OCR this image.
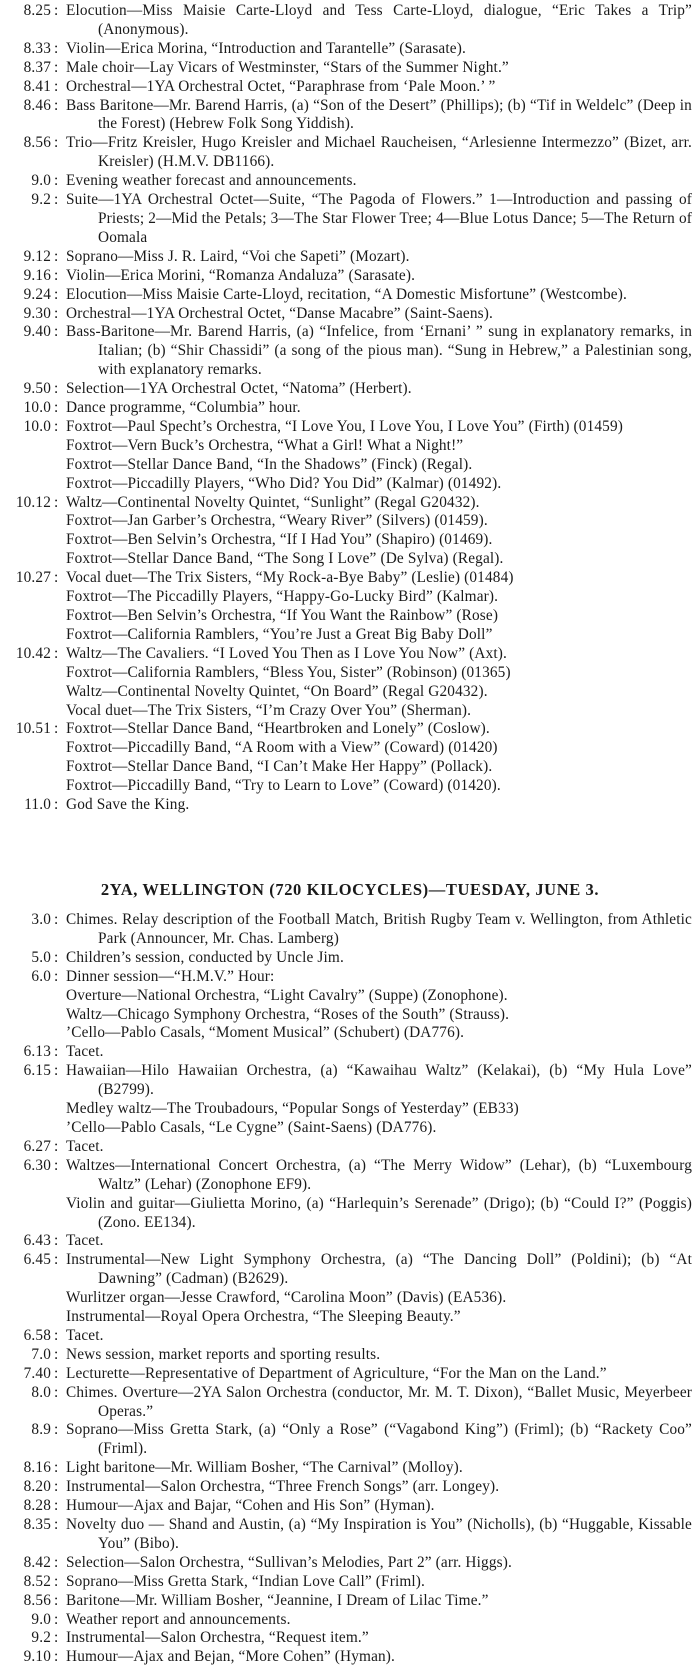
8.25 : Elocution—Miss Maisie Carte-Lloyd and Tess Carte-Lloyd, dialogue, “Eric Takes a Trip” (Anonymous).

8.33 : Violin—Erica Morina, “Introduction and Tarantelle” (Sarasate).

8.37 : Male choir—Lay Vicars of Westminster, “Stars of the Summer Night.”

8.41 : Orchestral—1YA Orchestral Octet, “Paraphrase from ‘Pale Moon.’ ”

8.46 : Bass Baritone—Mr. Barend Harris, (a) “Son of the Desert” (Phillips); (b) “Tif in Weldelc” (Deep in the Forest) (Hebrew Folk Song Yiddish).

8.56 : Trio—Fritz Kreisler, Hugo Kreisler and Michael Raucheisen, “Arlesienne Intermezzo” (Bizet, arr. Kreisler) (H.M.V. DB1166).

9.0 : Evening weather forecast and announcements.

9.2 : Suite—1YA Orchestral Octet—Suite, “The Pagoda of Flowers.” 1—Introduction and passing of Priests; 2—Mid the Petals; 3—The Star Flower Tree; 4—Blue Lotus Dance; 5—The Return of Oomala

9.12 : Soprano—Miss J. R. Laird, “Voi che Sapeti” (Mozart).

9.16 : Violin—Erica Morini, “Romanza Andaluza” (Sarasate).

9.24 : Elocution—Miss Maisie Carte-Lloyd, recitation, “A Domestic Misfortune” (Westcombe).

9.30 : Orchestral—1YA Orchestral Octet, “Danse Macabre” (Saint-Saens).

9.40 : Bass-Baritone—Mr. Barend Harris, (a) “Infelice, from ‘Ernani’ ” sung in explanatory remarks, in Italian; (b) “Shir Chassidi” (a song of the pious man). “Sung in Hebrew,” a Palestinian song, with explanatory remarks.

9.50 : Selection—1YA Orchestral Octet, “Natoma” (Herbert).

10.0 : Dance programme, “Columbia” hour.

10.0 : Foxtrot—Paul Specht’s Orchestra, “I Love You, I Love You, I Love You” (Firth) (01459)

Foxtrot—Vern Buck’s Orchestra, “What a Girl! What a Night!”

Foxtrot—Stellar Dance Band, “In the Shadows” (Finck) (Regal).

Foxtrot—Piccadilly Players, “Who Did? You Did” (Kalmar) (01492).

10.12 : Waltz—Continental Novelty Quintet, “Sunlight” (Regal G20432).

Foxtrot—Jan Garber’s Orchestra, “Weary River” (Silvers) (01459).

Foxtrot—Ben Selvin’s Orchestra, “If I Had You” (Shapiro) (01469).

Foxtrot—Stellar Dance Band, “The Song I Love” (De Sylva) (Regal).

10.27 : Vocal duet—The Trix Sisters, “My Rock-a-Bye Baby” (Leslie) (01484)

Foxtrot—The Piccadilly Players, “Happy-Go-Lucky Bird” (Kalmar).

Foxtrot—Ben Selvin’s Orchestra, “If You Want the Rainbow” (Rose)

Foxtrot—California Ramblers, “You’re Just a Great Big Baby Doll”

10.42 : Waltz—The Cavaliers. “I Loved You Then as I Love You Now” (Axt).

Foxtrot—California Ramblers, “Bless You, Sister” (Robinson) (01365)

Waltz—Continental Novelty Quintet, “On Board” (Regal G20432).

Vocal duet—The Trix Sisters, “I’m Crazy Over You” (Sherman).

10.51 : Foxtrot—Stellar Dance Band, “Heartbroken and Lonely” (Coslow).

Foxtrot—Piccadilly Band, “A Room with a View” (Coward) (01420)

Foxtrot—Stellar Dance Band, “I Can’t Make Her Happy” (Pollack).

Foxtrot—Piccadilly Band, “Try to Learn to Love” (Coward) (01420).

11.0 : God Save the King.

2YA, WELLINGTON (720 KILOCYCLES)—TUESDAY, JUNE 3.
3.0 : Chimes. Relay description of the Football Match, British Rugby Team v. Wellington, from Athletic Park (Announcer, Mr. Chas. Lamberg)

5.0 : Children’s session, conducted by Uncle Jim.

6.0 : Dinner session—“H.M.V.” Hour:

Overture—National Orchestra, “Light Cavalry” (Suppe) (Zonophone).

Waltz—Chicago Symphony Orchestra, “Roses of the South” (Strauss).

’Cello—Pablo Casals, “Moment Musical” (Schubert) (DA776).

6.13 : Tacet.

6.15 : Hawaiian—Hilo Hawaiian Orchestra, (a) “Kawaihau Waltz” (Kelakai), (b) “My Hula Love” (B2799).

Medley waltz—The Troubadours, “Popular Songs of Yesterday” (EB33)

’Cello—Pablo Casals, “Le Cygne” (Saint-Saens) (DA776).

6.27 : Tacet.

6.30 : Waltzes—International Concert Orchestra, (a) “The Merry Widow” (Lehar), (b) “Luxembourg Waltz” (Lehar) (Zonophone EF9).

Violin and guitar—Giulietta Morino, (a) “Harlequin’s Serenade” (Drigo); (b) “Could I?” (Poggis) (Zono. EE134).

6.43 : Tacet.

6.45 : Instrumental—New Light Symphony Orchestra, (a) “The Dancing Doll” (Poldini); (b) “At Dawning” (Cadman) (B2629).

Wurlitzer organ—Jesse Crawford, “Carolina Moon” (Davis) (EA536).

Instrumental—Royal Opera Orchestra, “The Sleeping Beauty.”

6.58 : Tacet.

7.0 : News session, market reports and sporting results.

7.40 : Lecturette—Representative of Department of Agriculture, “For the Man on the Land.”

8.0 : Chimes. Overture—2YA Salon Orchestra (conductor, Mr. M. T. Dixon), “Ballet Music, Meyerbeer Operas.”

8.9 : Soprano—Miss Gretta Stark, (a) “Only a Rose” (“Vagabond King”) (Friml); (b) “Rackety Coo” (Friml).

8.16 : Light baritone—Mr. William Bosher, “The Carnival” (Molloy).

8.20 : Instrumental—Salon Orchestra, “Three French Songs” (arr. Longey).

8.28 : Humour—Ajax and Bajar, “Cohen and His Son” (Hyman).

8.35 : Novelty duo — Shand and Austin, (a) “My Inspiration is You” (Nicholls), (b) “Huggable, Kissable You” (Bibo).

8.42 : Selection—Salon Orchestra, “Sullivan’s Melodies, Part 2” (arr. Higgs).

8.52 : Soprano—Miss Gretta Stark, “Indian Love Call” (Friml).

8.56 : Baritone—Mr. William Bosher, “Jeannine, I Dream of Lilac Time.”

9.0 : Weather report and announcements.

9.2 : Instrumental—Salon Orchestra, “Request item.”

9.10 : Humour—Ajax and Bejan, “More Cohen” (Hyman).
